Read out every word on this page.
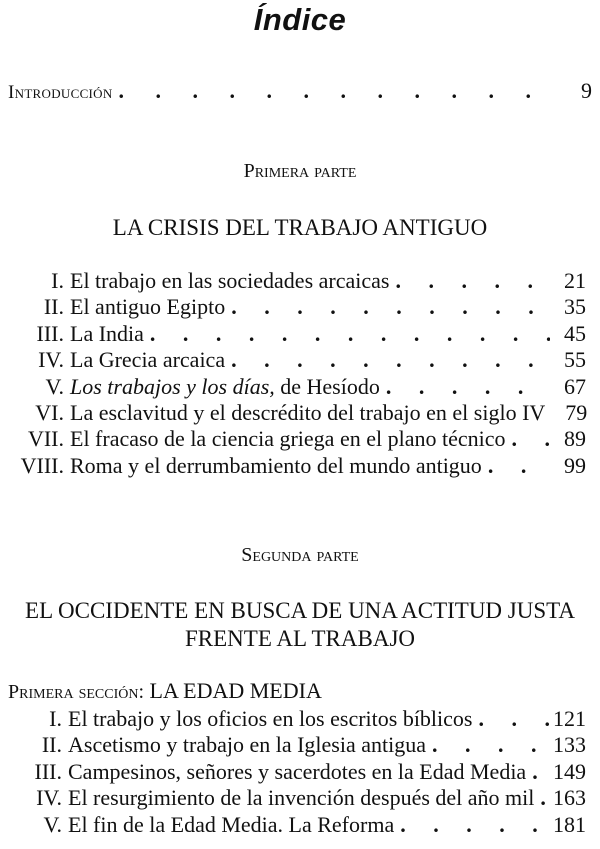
Índice
Introducción . . .	9
Primera parte
LA CRISIS DEL TRABAJO ANTIGUO
I. El trabajo en las sociedades arcaicas . . .	21
II. El antiguo Egipto . . .	35
III. La India . . .	45
IV. La Grecia arcaica . . .	55
V. Los trabajos y los días, de Hesíodo . . .	67
VI. La esclavitud y el descrédito del trabajo en el siglo IV 79
VII. El fracaso de la ciencia griega en el plano técnico . . .	89
VIII. Roma y el derrumbamiento del mundo antiguo . . .	99
Segunda parte
EL OCCIDENTE EN BUSCA DE UNA ACTITUD JUSTA
FRENTE AL TRABAJO
Primera sección: LA EDAD MEDIA
I. El trabajo y los oficios en los escritos bíblicos . . .	121
II. Ascetismo y trabajo en la Iglesia antigua . . .	133
III. Campesinos, señores y sacerdotes en la Edad Media . . . 149
IV. El resurgimiento de la invención después del año mil . . . 163
V. El fin de la Edad Media. La Reforma . . .	181
